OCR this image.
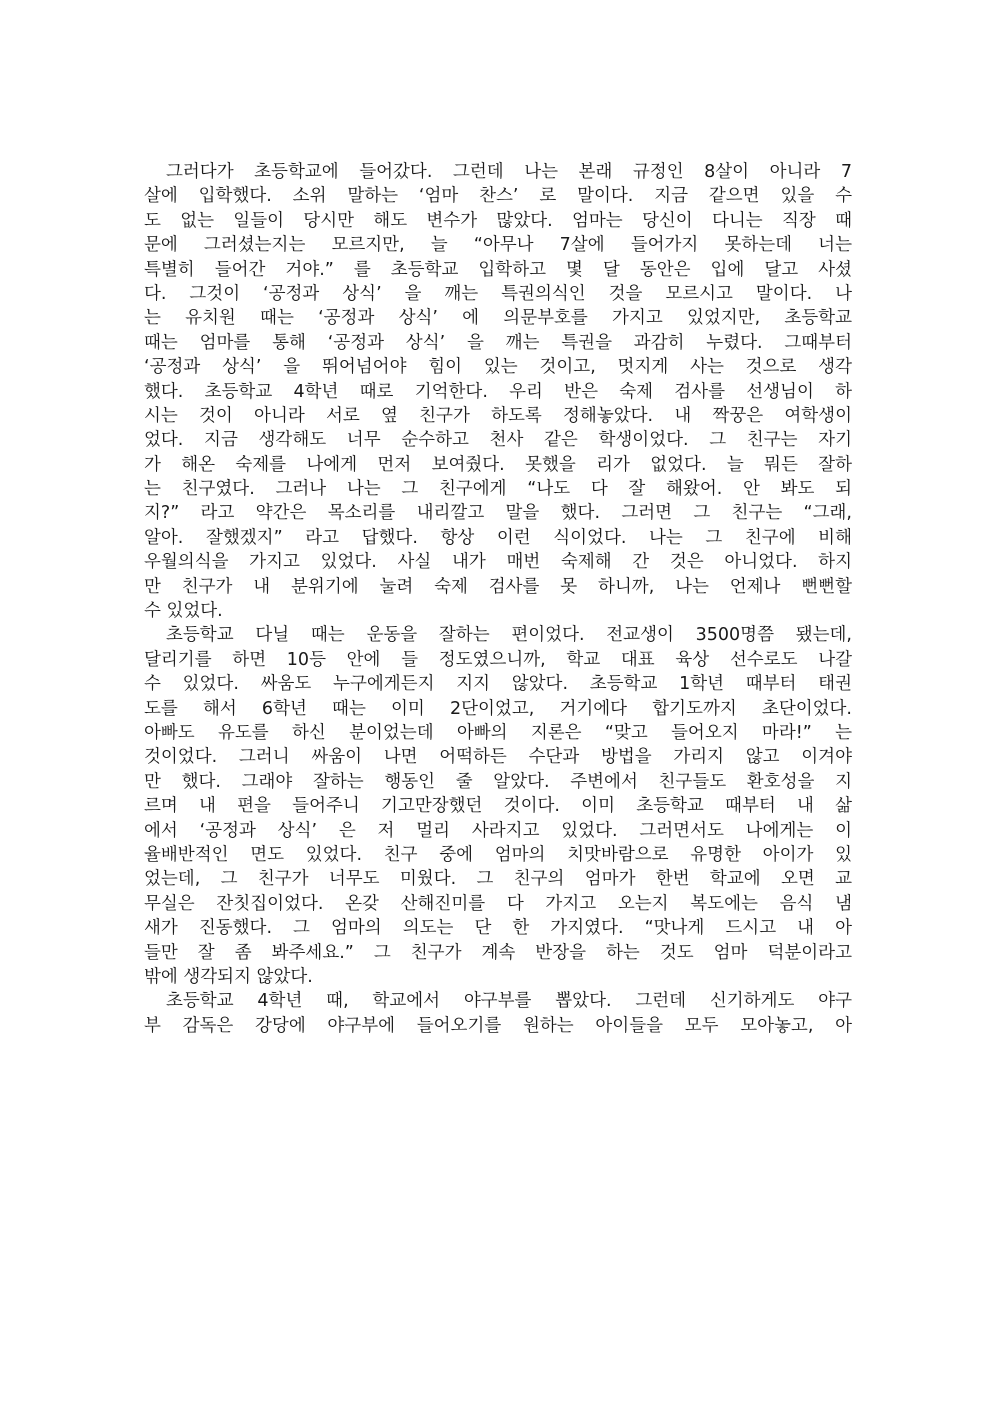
그러다가 초등학교에 들어갔다. 그런데 나는 본래 규정인 8살이 아니라 7
살에 입학했다. 소위 말하는 ‘엄마 찬스’ 로 말이다. 지금 같으면 있을 수
도 없는 일들이 당시만 해도 변수가 많았다. 엄마는 당신이 다니는 직장 때
문에 그러셨는지는 모르지만, 늘 “아무나 7살에 들어가지 못하는데 너는
특별히 들어간 거야.” 를 초등학교 입학하고 몇 달 동안은 입에 달고 사셨
다. 그것이 ‘공정과 상식’ 을 깨는 특권의식인 것을 모르시고 말이다. 나
는 유치원 때는 ‘공정과 상식’ 에 의문부호를 가지고 있었지만, 초등학교
때는 엄마를 통해 ‘공정과 상식’ 을 깨는 특권을 과감히 누렸다. 그때부터
‘공정과 상식’ 을 뛰어넘어야 힘이 있는 것이고, 멋지게 사는 것으로 생각
했다. 초등학교 4학년 때로 기억한다. 우리 반은 숙제 검사를 선생님이 하
시는 것이 아니라 서로 옆 친구가 하도록 정해놓았다. 내 짝꿍은 여학생이
었다. 지금 생각해도 너무 순수하고 천사 같은 학생이었다. 그 친구는 자기
가 해온 숙제를 나에게 먼저 보여줬다. 못했을 리가 없었다. 늘 뭐든 잘하
는 친구였다. 그러나 나는 그 친구에게 “나도 다 잘 해왔어. 안 봐도 되
지?” 라고 약간은 목소리를 내리깔고 말을 했다. 그러면 그 친구는 “그래,
알아. 잘했겠지” 라고 답했다. 항상 이런 식이었다. 나는 그 친구에 비해
우월의식을 가지고 있었다. 사실 내가 매번 숙제해 간 것은 아니었다. 하지
만 친구가 내 분위기에 눌려 숙제 검사를 못 하니까, 나는 언제나 뻔뻔할
수 있었다.
초등학교 다닐 때는 운동을 잘하는 편이었다. 전교생이 3500명쯤 됐는데,
달리기를 하면 10등 안에 들 정도였으니까, 학교 대표 육상 선수로도 나갈
수 있었다. 싸움도 누구에게든지 지지 않았다. 초등학교 1학년 때부터 태권
도를 해서 6학년 때는 이미 2단이었고, 거기에다 합기도까지 초단이었다.
아빠도 유도를 하신 분이었는데 아빠의 지론은 “맞고 들어오지 마라!” 는
것이었다. 그러니 싸움이 나면 어떡하든 수단과 방법을 가리지 않고 이겨야
만 했다. 그래야 잘하는 행동인 줄 알았다. 주변에서 친구들도 환호성을 지
르며 내 편을 들어주니 기고만장했던 것이다. 이미 초등학교 때부터 내 삶
에서 ‘공정과 상식’ 은 저 멀리 사라지고 있었다. 그러면서도 나에게는 이
율배반적인 면도 있었다. 친구 중에 엄마의 치맛바람으로 유명한 아이가 있
었는데, 그 친구가 너무도 미웠다. 그 친구의 엄마가 한번 학교에 오면 교
무실은 잔칫집이었다. 온갖 산해진미를 다 가지고 오는지 복도에는 음식 냄
새가 진동했다. 그 엄마의 의도는 단 한 가지였다. “맛나게 드시고 내 아
들만 잘 좀 봐주세요.” 그 친구가 계속 반장을 하는 것도 엄마 덕분이라고
밖에 생각되지 않았다.
초등학교 4학년 때, 학교에서 야구부를 뽑았다. 그런데 신기하게도 야구
부 감독은 강당에 야구부에 들어오기를 원하는 아이들을 모두 모아놓고, 아
